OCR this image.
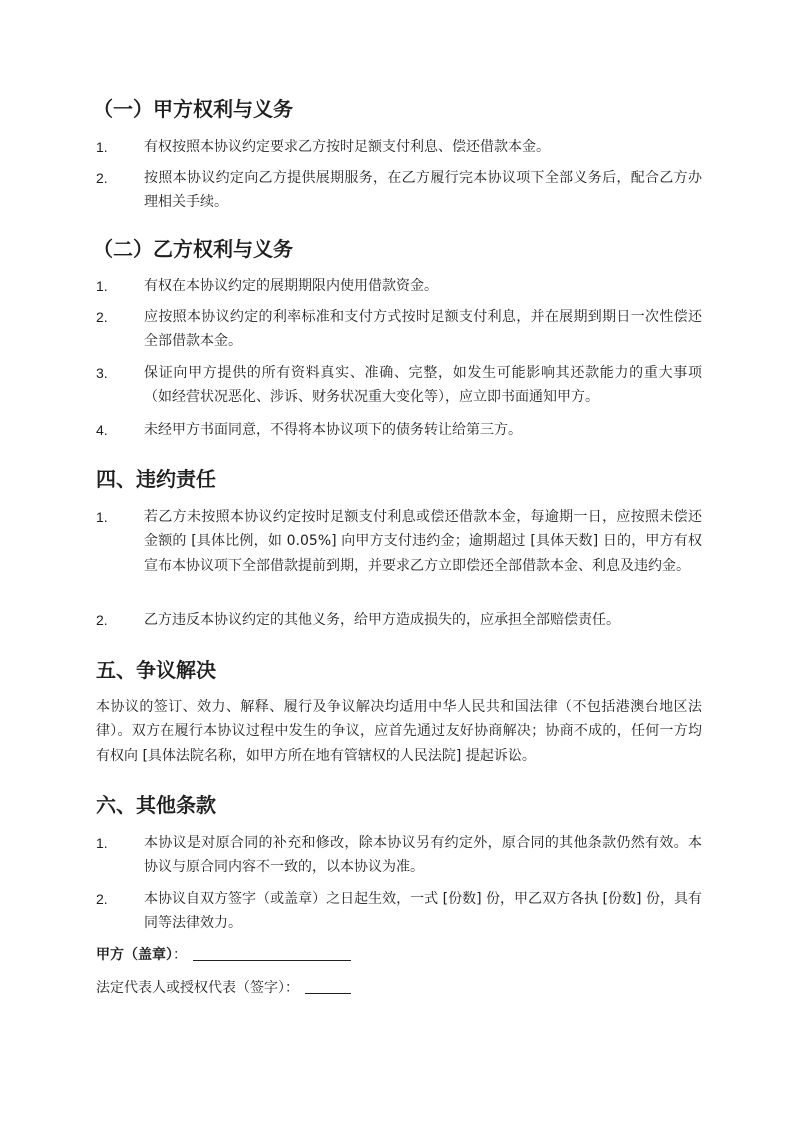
（一）甲方权利与义务
1.	有权按照本协议约定要求乙方按时足额支付利息、偿还借款本金。
2.	按照本协议约定向乙方提供展期服务，在乙方履行完本协议项下全部义务后，配合乙方办理相关手续。
（二）乙方权利与义务
1.	有权在本协议约定的展期期限内使用借款资金。
2.	应按照本协议约定的利率标准和支付方式按时足额支付利息，并在展期到期日一次性偿还全部借款本金。
3.	保证向甲方提供的所有资料真实、准确、完整，如发生可能影响其还款能力的重大事项（如经营状况恶化、涉诉、财务状况重大变化等），应立即书面通知甲方。
4.	未经甲方书面同意，不得将本协议项下的债务转让给第三方。
四、违约责任
1.	若乙方未按照本协议约定按时足额支付利息或偿还借款本金，每逾期一日，应按照未偿还金额的 [具体比例，如 0.05%] 向甲方支付违约金；逾期超过 [具体天数] 日的，甲方有权宣布本协议项下全部借款提前到期，并要求乙方立即偿还全部借款本金、利息及违约金。
2.	乙方违反本协议约定的其他义务，给甲方造成损失的，应承担全部赔偿责任。
五、争议解决

本协议的签订、效力、解释、履行及争议解决均适用中华人民共和国法律（不包括港澳台地区法律）。双方在履行本协议过程中发生的争议，应首先通过友好协商解决；协商不成的，任何一方均有权向 [具体法院名称，如甲方所在地有管辖权的人民法院] 提起诉讼。

六、其他条款
1.	本协议是对原合同的补充和修改，除本协议另有约定外，原合同的其他条款仍然有效。本协议与原合同内容不一致的，以本协议为准。
2.	本协议自双方签字（或盖章）之日起生效，一式 [份数] 份，甲乙双方各执 [份数] 份，具有同等法律效力。
甲方（盖章）：
法定代表人或授权代表（签字）：
